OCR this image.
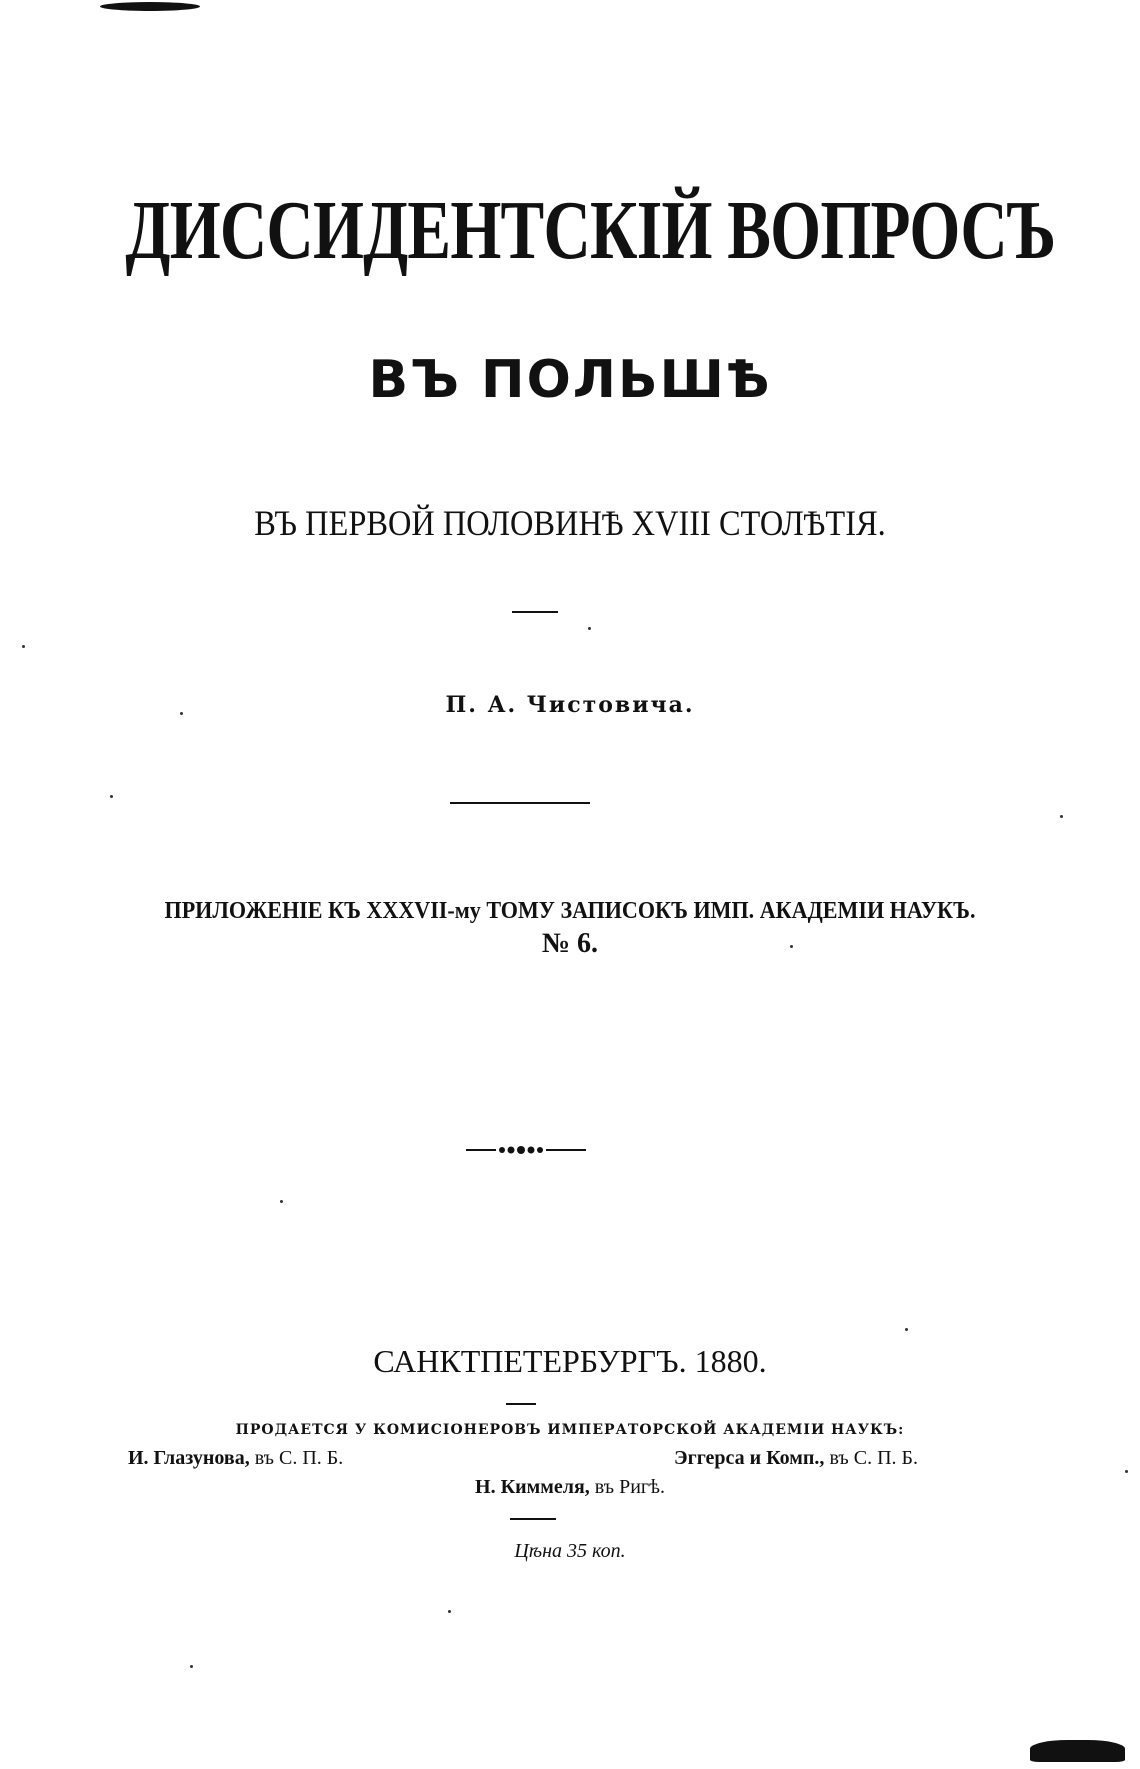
ДИССИДЕНТСКІЙ ВОПРОСЪ
ВЪ ПОЛЬШѢ
ВЪ ПЕРВОЙ ПОЛОВИНѢ XVIII СТОЛѢТІЯ.
П. А. Чистовича.
ПРИЛОЖЕНІЕ КЪ XXXVII-му ТОМУ ЗАПИСОКЪ ИМП. АКАДЕМІИ НАУКЪ.
№ 6.
САНКТПЕТЕРБУРГЪ. 1880.
ПРОДАЕТСЯ У КОМИСІОНЕРОВЪ ИМПЕРАТОРСКОЙ АКАДЕМІИ НАУКЪ:
И. Глазунова, въ С. П. Б.	Эггерса и Комп., въ С. П. Б.
Н. Киммеля, въ Ригѣ.
Цѣна 35 коп.
